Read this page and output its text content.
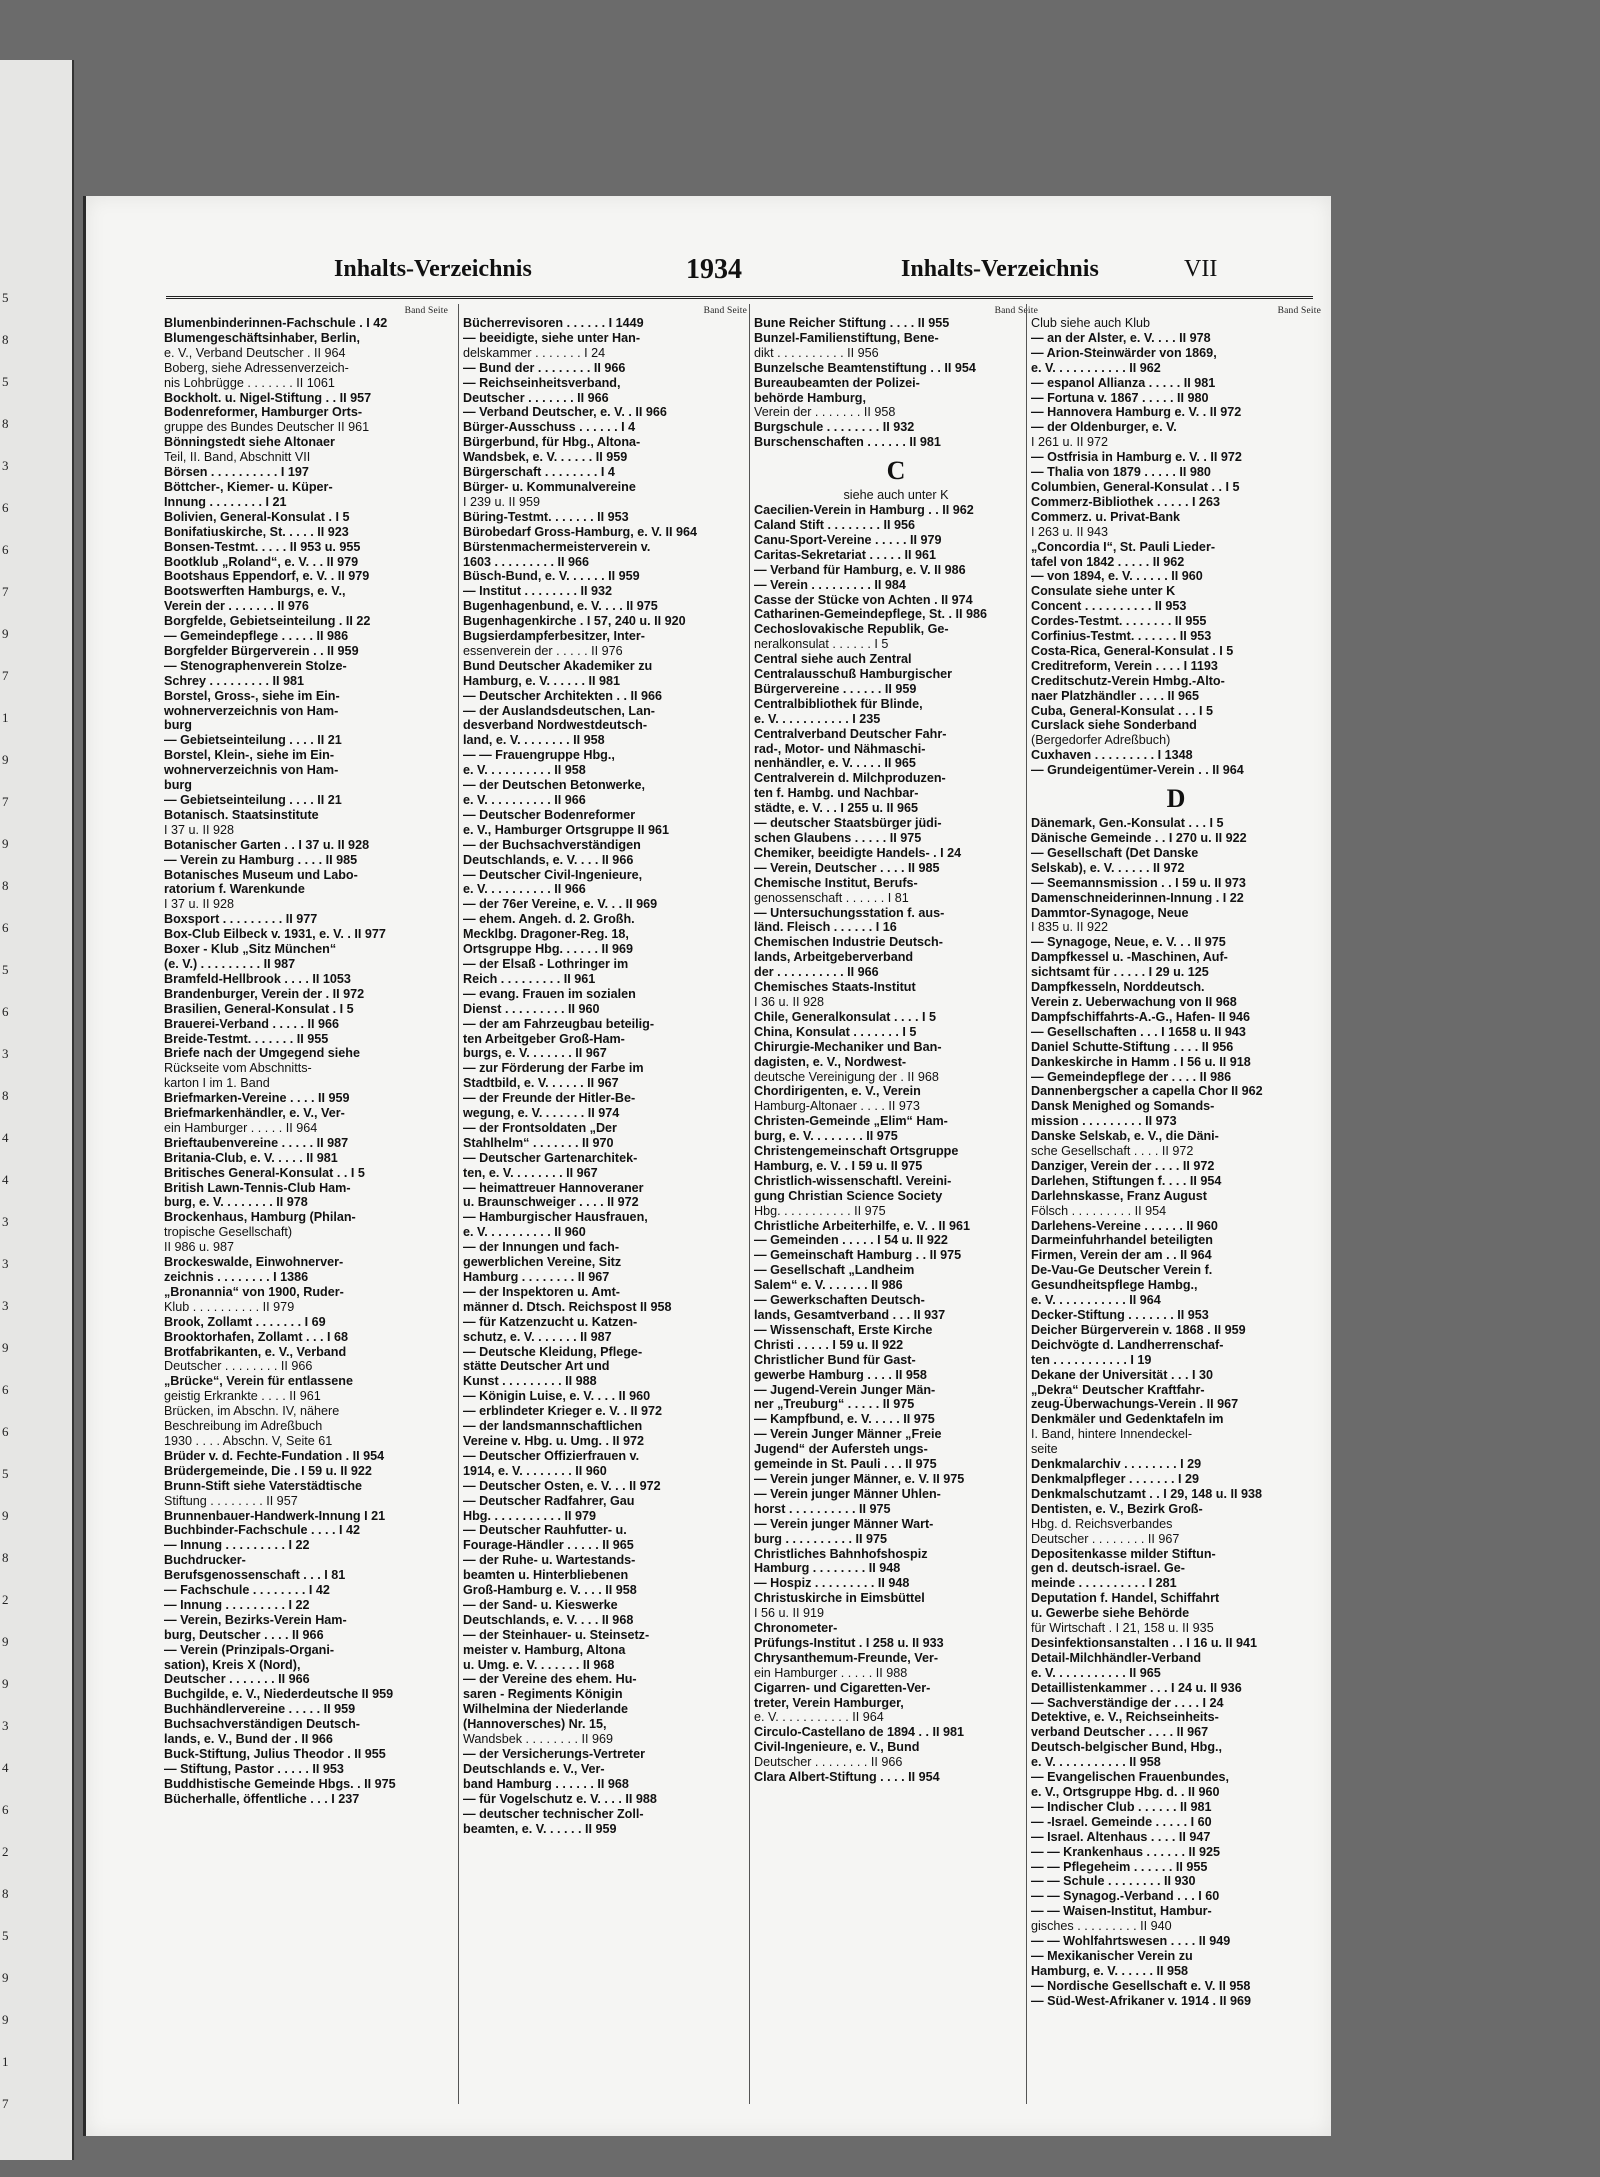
5
8
5
8
3
6
6
7
9
7
1
9
7
9
8
6
5
6
3
8
4
4
3
3
3
9
6
6
5
9
8
2
9
9
3
4
6
2
8
5
9
9
1
7
Inhalts-Verzeichnis	1934	Inhalts-Verzeichnis	VII
Band Seite
Blumenbinderinnen-Fachschule . I 42
Blumengeschäftsinhaber, Berlin,
e. V., Verband Deutscher . II 964
Boberg, siehe Adressenverzeich-
nis Lohbrügge . . . . . . . II 1061
Bockholt. u. Nigel-Stiftung . . II 957
Bodenreformer, Hamburger Orts-
gruppe des Bundes Deutscher II 961
Bönningstedt siehe Altonaer
Teil, II. Band, Abschnitt VII
Börsen . . . . . . . . . . I 197
Böttcher-, Kiemer- u. Küper-
Innung . . . . . . . . I 21
Bolivien, General-Konsulat . I 5
Bonifatiuskirche, St. . . . . II 923
Bonsen-Testmt. . . . . II 953 u. 955
Bootklub „Roland“, e. V. . . II 979
Bootshaus Eppendorf, e. V. . II 979
Bootswerften Hamburgs, e. V.,
Verein der . . . . . . . II 976
Borgfelde, Gebietseinteilung . II 22
— Gemeindepflege . . . . . II 986
Borgfelder Bürgerverein . . II 959
— Stenographenverein Stolze-
Schrey . . . . . . . . . II 981
Borstel, Gross-, siehe im Ein-
wohnerverzeichnis von Ham-
burg
— Gebietseinteilung . . . . II 21
Borstel, Klein-, siehe im Ein-
wohnerverzeichnis von Ham-
burg
— Gebietseinteilung . . . . II 21
Botanisch. Staatsinstitute
I 37 u. II 928
Botanischer Garten . . I 37 u. II 928
— Verein zu Hamburg . . . . II 985
Botanisches Museum und Labo-
ratorium f. Warenkunde
I 37 u. II 928
Boxsport . . . . . . . . . II 977
Box-Club Eilbeck v. 1931, e. V. . II 977
Boxer - Klub „Sitz München“
(e. V.) . . . . . . . . . II 987
Bramfeld-Hellbrook . . . . II 1053
Brandenburger, Verein der . II 972
Brasilien, General-Konsulat . I 5
Brauerei-Verband . . . . . II 966
Breide-Testmt. . . . . . . II 955
Briefe nach der Umgegend siehe
Rückseite vom Abschnitts-
karton I im 1. Band
Briefmarken-Vereine . . . . II 959
Briefmarkenhändler, e. V., Ver-
ein Hamburger . . . . . II 964
Brieftaubenvereine . . . . . II 987
Britania-Club, e. V. . . . . II 981
Britisches General-Konsulat . . I 5
British Lawn-Tennis-Club Ham-
burg, e. V. . . . . . . . II 978
Brockenhaus, Hamburg (Philan-
tropische Gesellschaft)
II 986 u. 987
Brockeswalde, Einwohnerver-
zeichnis . . . . . . . . I 1386
„Bronannia“ von 1900, Ruder-
Klub . . . . . . . . . . II 979
Brook, Zollamt . . . . . . . I 69
Brooktorhafen, Zollamt . . . I 68
Brotfabrikanten, e. V., Verband
Deutscher . . . . . . . . II 966
„Brücke“, Verein für entlassene
geistig Erkrankte . . . . II 961
Brücken, im Abschn. IV, nähere
Beschreibung im Adreßbuch
1930 . . . . Abschn. V, Seite 61
Brüder v. d. Fechte-Fundation . II 954
Brüdergemeinde, Die . I 59 u. II 922
Brunn-Stift siehe Vaterstädtische
Stiftung . . . . . . . . II 957
Brunnenbauer-Handwerk-Innung I 21
Buchbinder-Fachschule . . . . I 42
— Innung . . . . . . . . . I 22
Buchdrucker-
Berufsgenossenschaft . . . I 81
— Fachschule . . . . . . . . I 42
— Innung . . . . . . . . . I 22
— Verein, Bezirks-Verein Ham-
burg, Deutscher . . . . II 966
— Verein (Prinzipals-Organi-
sation), Kreis X (Nord),
Deutscher . . . . . . . II 966
Buchgilde, e. V., Niederdeutsche II 959
Buchhändlervereine . . . . . II 959
Buchsachverständigen Deutsch-
lands, e. V., Bund der . II 966
Buck-Stiftung, Julius Theodor . II 955
— Stiftung, Pastor . . . . . II 953
Buddhistische Gemeinde Hbgs. . II 975
Bücherhalle, öffentliche . . . I 237
Band Seite
Bücherrevisoren . . . . . . I 1449
— beeidigte, siehe unter Han-
delskammer . . . . . . . I 24
— Bund der . . . . . . . . II 966
— Reichseinheitsverband,
Deutscher . . . . . . . II 966
— Verband Deutscher, e. V. . II 966
Bürger-Ausschuss . . . . . . I 4
Bürgerbund, für Hbg., Altona-
Wandsbek, e. V. . . . . . II 959
Bürgerschaft . . . . . . . . I 4
Bürger- u. Kommunalvereine
I 239 u. II 959
Büring-Testmt. . . . . . . II 953
Bürobedarf Gross-Hamburg, e. V. II 964
Bürstenmachermeisterverein v.
1603 . . . . . . . . . II 966
Büsch-Bund, e. V. . . . . . II 959
— Institut . . . . . . . . II 932
Bugenhagenbund, e. V. . . . II 975
Bugenhagenkirche . I 57, 240 u. II 920
Bugsierdampferbesitzer, Inter-
essenverein der . . . . . II 976
Bund Deutscher Akademiker zu
Hamburg, e. V. . . . . . II 981
— Deutscher Architekten . . II 966
— der Auslandsdeutschen, Lan-
desverband Nordwestdeutsch-
land, e. V. . . . . . . . II 958
— — Frauengruppe Hbg.,
e. V. . . . . . . . . . II 958
— der Deutschen Betonwerke,
e. V. . . . . . . . . . II 966
— Deutscher Bodenreformer
e. V., Hamburger Ortsgruppe II 961
— der Buchsachverständigen
Deutschlands, e. V. . . . II 966
— Deutscher Civil-Ingenieure,
e. V. . . . . . . . . . II 966
— der 76er Vereine, e. V. . . II 969
— ehem. Angeh. d. 2. Großh.
Mecklbg. Dragoner-Reg. 18,
Ortsgruppe Hbg. . . . . . II 969
— der Elsaß - Lothringer im
Reich . . . . . . . . . II 961
— evang. Frauen im sozialen
Dienst . . . . . . . . . II 960
— der am Fahrzeugbau beteilig-
ten Arbeitgeber Groß-Ham-
burgs, e. V. . . . . . . II 967
— zur Förderung der Farbe im
Stadtbild, e. V. . . . . . II 967
— der Freunde der Hitler-Be-
wegung, e. V. . . . . . . II 974
— der Frontsoldaten „Der
Stahlhelm“ . . . . . . . II 970
— Deutscher Gartenarchitek-
ten, e. V. . . . . . . . II 967
— heimattreuer Hannoveraner
u. Braunschweiger . . . . II 972
— Hamburgischer Hausfrauen,
e. V. . . . . . . . . . II 960
— der Innungen und fach-
gewerblichen Vereine, Sitz
Hamburg . . . . . . . . II 967
— der Inspektoren u. Amt-
männer d. Dtsch. Reichspost II 958
— für Katzenzucht u. Katzen-
schutz, e. V. . . . . . . II 987
— Deutsche Kleidung, Pflege-
stätte Deutscher Art und
Kunst . . . . . . . . . II 988
— Königin Luise, e. V. . . . II 960
— erblindeter Krieger e. V. . II 972
— der landsmannschaftlichen
Vereine v. Hbg. u. Umg. . II 972
— Deutscher Offizierfrauen v.
1914, e. V. . . . . . . . II 960
— Deutscher Osten, e. V. . . II 972
— Deutscher Radfahrer, Gau
Hbg. . . . . . . . . . . II 979
— Deutscher Rauhfutter- u.
Fourage-Händler . . . . . II 965
— der Ruhe- u. Wartestands-
beamten u. Hinterbliebenen
Groß-Hamburg e. V. . . . II 958
— der Sand- u. Kieswerke
Deutschlands, e. V. . . . II 968
— der Steinhauer- u. Steinsetz-
meister v. Hamburg, Altona
u. Umg. e. V. . . . . . . II 968
— der Vereine des ehem. Hu-
saren - Regiments Königin
Wilhelmina der Niederlande
(Hannoversches) Nr. 15,
Wandsbek . . . . . . . . II 969
— der Versicherungs-Vertreter
Deutschlands e. V., Ver-
band Hamburg . . . . . . II 968
— für Vogelschutz e. V. . . . II 988
— deutscher technischer Zoll-
beamten, e. V. . . . . . II 959
Band Seite
Bune Reicher Stiftung . . . . II 955
Bunzel-Familienstiftung, Bene-
dikt . . . . . . . . . . II 956
Bunzelsche Beamtenstiftung . . II 954
Bureaubeamten der Polizei-
behörde Hamburg,
Verein der . . . . . . . II 958
Burgschule . . . . . . . . II 932
Burschenschaften . . . . . . II 981
C
siehe auch unter K
Caecilien-Verein in Hamburg . . II 962
Caland Stift . . . . . . . . II 956
Canu-Sport-Vereine . . . . . II 979
Caritas-Sekretariat . . . . . II 961
— Verband für Hamburg, e. V. II 986
— Verein . . . . . . . . . II 984
Casse der Stücke von Achten . II 974
Catharinen-Gemeindepflege, St. . II 986
Cechoslovakische Republik, Ge-
neralkonsulat . . . . . . I 5
Central siehe auch Zentral
Centralausschuß Hamburgischer
Bürgervereine . . . . . . II 959
Centralbibliothek für Blinde,
e. V. . . . . . . . . . . I 235
Centralverband Deutscher Fahr-
rad-, Motor- und Nähmaschi-
nenhändler, e. V. . . . . II 965
Centralverein d. Milchproduzen-
ten f. Hambg. und Nachbar-
städte, e. V. . . I 255 u. II 965
— deutscher Staatsbürger jüdi-
schen Glaubens . . . . . II 975
Chemiker, beeidigte Handels- . I 24
— Verein, Deutscher . . . . II 985
Chemische Institut, Berufs-
genossenschaft . . . . . . I 81
— Untersuchungsstation f. aus-
länd. Fleisch . . . . . . I 16
Chemischen Industrie Deutsch-
lands, Arbeitgeberverband
der . . . . . . . . . . II 966
Chemisches Staats-Institut
I 36 u. II 928
Chile, Generalkonsulat . . . . I 5
China, Konsulat . . . . . . . I 5
Chirurgie-Mechaniker und Ban-
dagisten, e. V., Nordwest-
deutsche Vereinigung der . II 968
Chordirigenten, e. V., Verein
Hamburg-Altonaer . . . . II 973
Christen-Gemeinde „Elim“ Ham-
burg, e. V. . . . . . . . II 975
Christengemeinschaft Ortsgruppe
Hamburg, e. V. . I 59 u. II 975
Christlich-wissenschaftl. Vereini-
gung Christian Science Society
Hbg. . . . . . . . . . . II 975
Christliche Arbeiterhilfe, e. V. . II 961
— Gemeinden . . . . . I 54 u. II 922
— Gemeinschaft Hamburg . . II 975
— Gesellschaft „Landheim
Salem“ e. V. . . . . . . II 986
— Gewerkschaften Deutsch-
lands, Gesamtverband . . . II 937
— Wissenschaft, Erste Kirche
Christi . . . . . I 59 u. II 922
Christlicher Bund für Gast-
gewerbe Hamburg . . . . II 958
— Jugend-Verein Junger Män-
ner „Treuburg“ . . . . . II 975
— Kampfbund, e. V. . . . . II 975
— Verein Junger Männer „Freie
Jugend“ der Aufersteh ungs-
gemeinde in St. Pauli . . . II 975
— Verein junger Männer, e. V. II 975
— Verein junger Männer Uhlen-
horst . . . . . . . . . . II 975
— Verein junger Männer Wart-
burg . . . . . . . . . . II 975
Christliches Bahnhofshospiz
Hamburg . . . . . . . . II 948
— Hospiz . . . . . . . . . II 948
Christuskirche in Eimsbüttel
I 56 u. II 919
Chronometer-
Prüfungs-Institut . I 258 u. II 933
Chrysanthemum-Freunde, Ver-
ein Hamburger . . . . . II 988
Cigarren- und Cigaretten-Ver-
treter, Verein Hamburger,
e. V. . . . . . . . . . . II 964
Circulo-Castellano de 1894 . . II 981
Civil-Ingenieure, e. V., Bund
Deutscher . . . . . . . . II 966
Clara Albert-Stiftung . . . . II 954
Band Seite
Club siehe auch Klub
— an der Alster, e. V. . . . II 978
— Arion-Steinwärder von 1869,
e. V. . . . . . . . . . . II 962
— espanol Allianza . . . . . II 981
— Fortuna v. 1867 . . . . . II 980
— Hannovera Hamburg e. V. . II 972
— der Oldenburger, e. V.
I 261 u. II 972
— Ostfrisia in Hamburg e. V. . II 972
— Thalia von 1879 . . . . . II 980
Columbien, General-Konsulat . . I 5
Commerz-Bibliothek . . . . . I 263
Commerz. u. Privat-Bank
I 263 u. II 943
„Concordia I“, St. Pauli Lieder-
tafel von 1842 . . . . . II 962
— von 1894, e. V. . . . . . II 960
Consulate siehe unter K
Concent . . . . . . . . . . II 953
Cordes-Testmt. . . . . . . . II 955
Corfinius-Testmt. . . . . . . II 953
Costa-Rica, General-Konsulat . I 5
Creditreform, Verein . . . . I 1193
Creditschutz-Verein Hmbg.-Alto-
naer Platzhändler . . . . II 965
Cuba, General-Konsulat . . . I 5
Curslack siehe Sonderband
(Bergedorfer Adreßbuch)
Cuxhaven . . . . . . . . . I 1348
— Grundeigentümer-Verein . . II 964
D
Dänemark, Gen.-Konsulat . . . I 5
Dänische Gemeinde . . I 270 u. II 922
— Gesellschaft (Det Danske
Selskab), e. V. . . . . . II 972
— Seemannsmission . . I 59 u. II 973
Damenschneiderinnen-Innung . I 22
Dammtor-Synagoge, Neue
I 835 u. II 922
— Synagoge, Neue, e. V. . . II 975
Dampfkessel u. -Maschinen, Auf-
sichtsamt für . . . . . I 29 u. 125
Dampfkesseln, Norddeutsch.
Verein z. Ueberwachung von II 968
Dampfschiffahrts-A.-G., Hafen- II 946
— Gesellschaften . . . I 1658 u. II 943
Daniel Schutte-Stiftung . . . . II 956
Dankeskirche in Hamm . I 56 u. II 918
— Gemeindepflege der . . . . II 986
Dannenbergscher a capella Chor II 962
Dansk Menighed og Somands-
mission . . . . . . . . . II 973
Danske Selskab, e. V., die Däni-
sche Gesellschaft . . . . II 972
Danziger, Verein der . . . . II 972
Darlehen, Stiftungen f. . . . II 954
Darlehnskasse, Franz August
Fölsch . . . . . . . . . II 954
Darlehens-Vereine . . . . . . II 960
Darmeinfuhrhandel beteiligten
Firmen, Verein der am . . II 964
De-Vau-Ge Deutscher Verein f.
Gesundheitspflege Hambg.,
e. V. . . . . . . . . . . II 964
Decker-Stiftung . . . . . . . II 953
Deicher Bürgerverein v. 1868 . II 959
Deichvögte d. Landherrenschaf-
ten . . . . . . . . . . . I 19
Dekane der Universität . . . I 30
„Dekra“ Deutscher Kraftfahr-
zeug-Überwachungs-Verein . II 967
Denkmäler und Gedenktafeln im
I. Band, hintere Innendeckel-
seite
Denkmalarchiv . . . . . . . . I 29
Denkmalpfleger . . . . . . . I 29
Denkmalschutzamt . . I 29, 148 u. II 938
Dentisten, e. V., Bezirk Groß-
Hbg. d. Reichsverbandes
Deutscher . . . . . . . . II 967
Depositenkasse milder Stiftun-
gen d. deutsch-israel. Ge-
meinde . . . . . . . . . . I 281
Deputation f. Handel, Schiffahrt
u. Gewerbe siehe Behörde
für Wirtschaft . I 21, 158 u. II 935
Desinfektionsanstalten . . I 16 u. II 941
Detail-Milchhändler-Verband
e. V. . . . . . . . . . . II 965
Detaillistenkammer . . . I 24 u. II 936
— Sachverständige der . . . . I 24
Detektive, e. V., Reichseinheits-
verband Deutscher . . . . II 967
Deutsch-belgischer Bund, Hbg.,
e. V. . . . . . . . . . . II 958
— Evangelischen Frauenbundes,
e. V., Ortsgruppe Hbg. d. . II 960
— Indischer Club . . . . . . II 981
— -Israel. Gemeinde . . . . . I 60
— Israel. Altenhaus . . . . II 947
— — Krankenhaus . . . . . . II 925
— — Pflegeheim . . . . . . II 955
— — Schule . . . . . . . . II 930
— — Synagog.-Verband . . . I 60
— — Waisen-Institut, Hambur-
gisches . . . . . . . . . II 940
— — Wohlfahrtswesen . . . . II 949
— Mexikanischer Verein zu
Hamburg, e. V. . . . . . II 958
— Nordische Gesellschaft e. V. II 958
— Süd-West-Afrikaner v. 1914 . II 969
